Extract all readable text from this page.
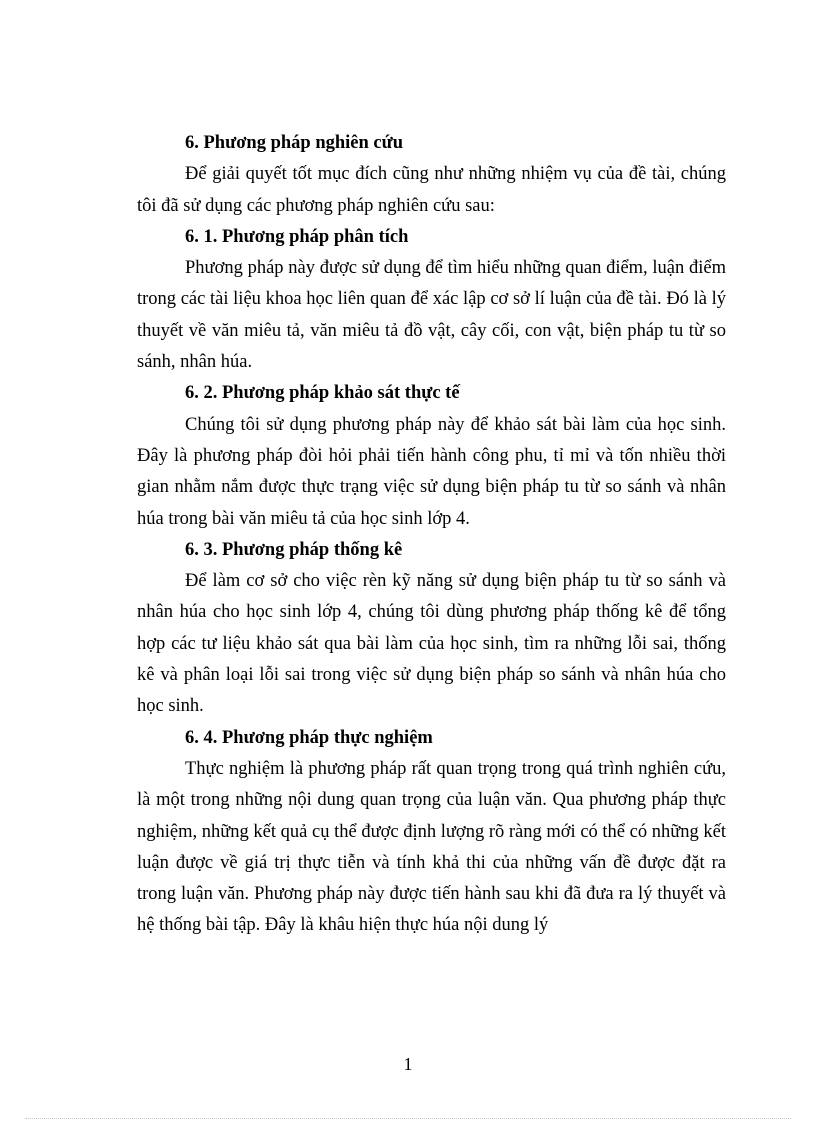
6. Phương pháp nghiên cứu

Để giải quyết tốt mục đích cũng như những nhiệm vụ của đề tài, chúng tôi đã sử dụng các phương pháp nghiên cứu sau:

6. 1. Phương pháp phân tích

Phương pháp này được sử dụng để tìm hiểu những quan điểm, luận điểm trong các tài liệu khoa học liên quan để xác lập cơ sở lí luận của đề tài. Đó là lý thuyết về văn miêu tả, văn miêu tả đồ vật, cây cối, con vật, biện pháp tu từ so sánh, nhân húa.

6. 2. Phương pháp khảo sát thực tế

Chúng tôi sử dụng phương pháp này để khảo sát bài làm của học sinh. Đây là phương pháp đòi hỏi phải tiến hành công phu, tỉ mỉ và tốn nhiều thời gian nhằm nắm được thực trạng việc sử dụng biện pháp tu từ so sánh và nhân húa trong bài văn miêu tả của học sinh lớp 4.

6. 3. Phương pháp thống kê

Để làm cơ sở cho việc rèn kỹ năng sử dụng biện pháp tu từ so sánh và nhân húa cho học sinh lớp 4, chúng tôi dùng phương pháp thống kê để tổng hợp các tư liệu khảo sát qua bài làm của học sinh, tìm ra những lỗi sai, thống kê và phân loại lỗi sai trong việc sử dụng biện pháp so sánh và nhân húa cho học sinh.

6. 4. Phương pháp thực nghiệm

Thực nghiệm là phương pháp rất quan trọng trong quá trình nghiên cứu, là một trong những nội dung quan trọng của luận văn. Qua phương pháp thực nghiệm, những kết quả cụ thể được định lượng rõ ràng mới có thể có những kết luận được về giá trị thực tiễn và tính khả thi của những vấn đề được đặt ra trong luận văn. Phương pháp này được tiến hành sau khi đã đưa ra lý thuyết và hệ thống bài tập. Đây là khâu hiện thực húa nội dung lý

1
